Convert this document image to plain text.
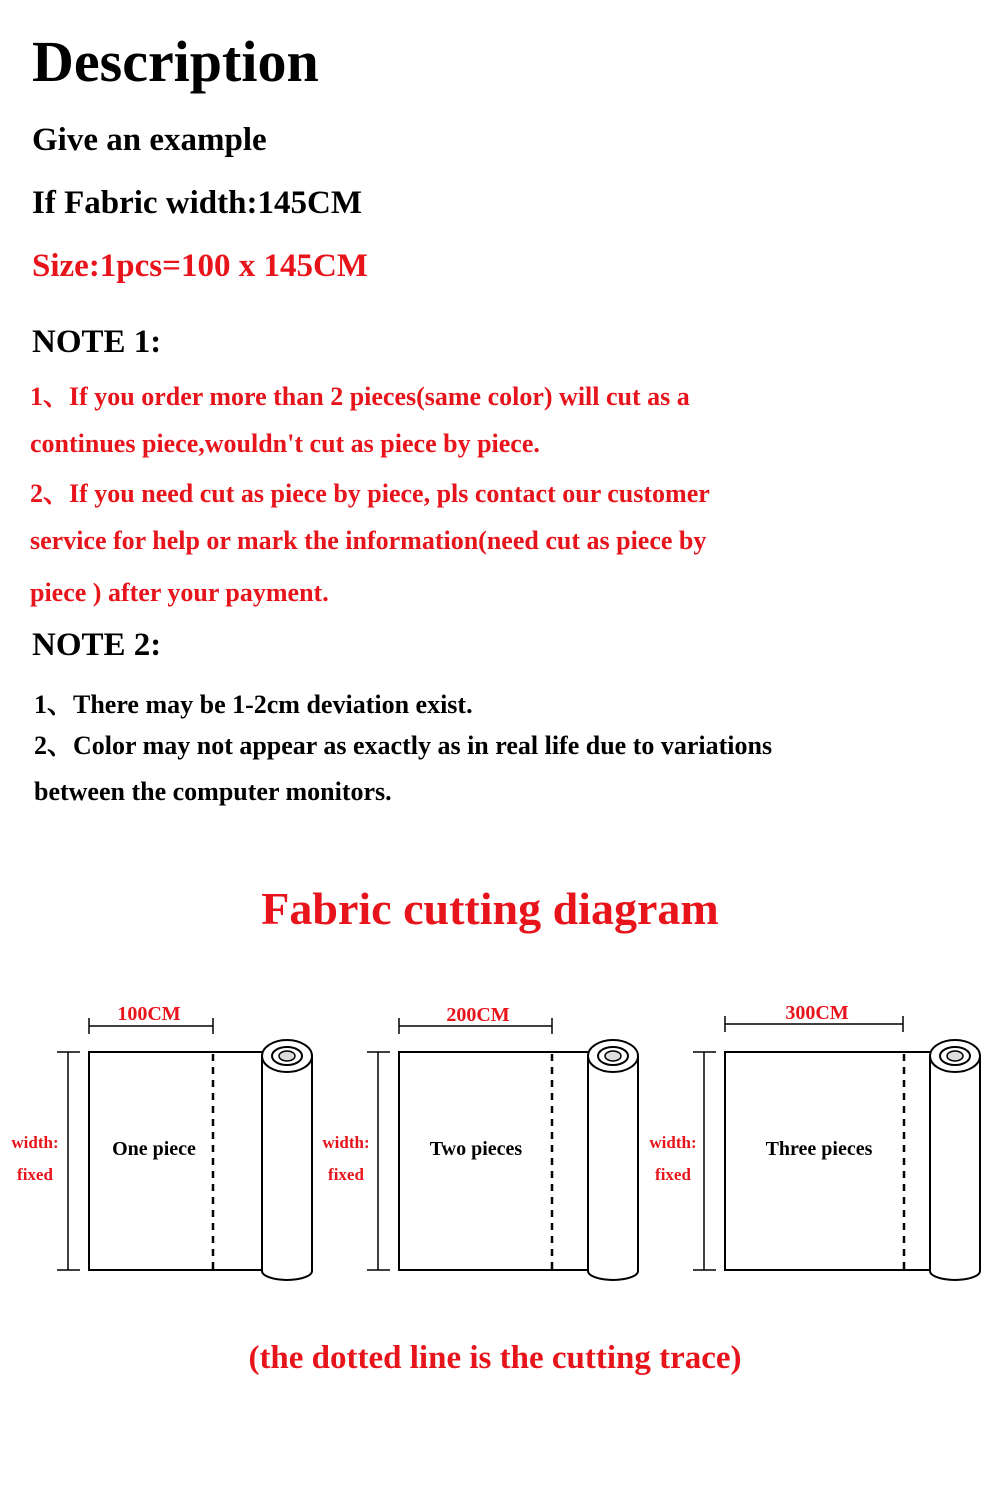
Description
Give an example
If Fabric width:145CM
Size:1pcs=100 x 145CM
NOTE 1:
1、If you order more than 2 pieces(same color) will cut as a
continues piece,wouldn't cut as piece by piece.
2、If you need cut as piece by piece, pls contact our customer
service for help or mark the information(need cut as piece by
piece ) after your payment.
NOTE 2:
1、There may be 1-2cm deviation exist.
2、Color may not appear as exactly as in real life due to variations
between the computer monitors.
Fabric cutting diagram
100CM
width:
fixed
One piece
200CM
width:
fixed
Two pieces
300CM
width:
fixed
Three pieces
(the dotted line is the cutting trace)
